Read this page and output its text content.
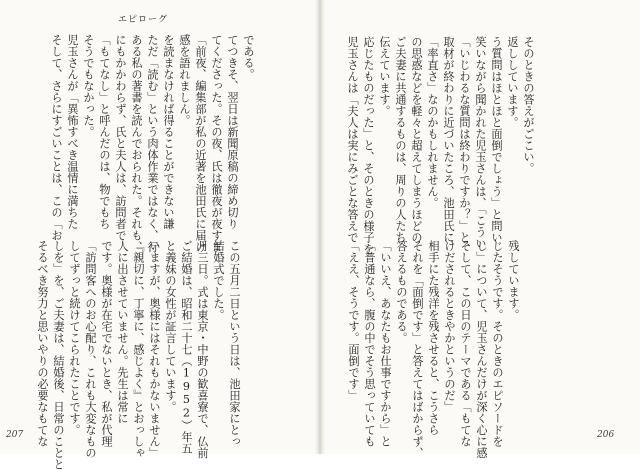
エピローグ
そのときの答えがごこい。
返ししています。
う質問はほとほと面倒でしょう」と問い
笑いながら聞かれた児玉さんは、「こうい
「いじわるな質問は終わりですか？」と、
取材が終わりに近づいたころ、池田氏に
「率直さ」なのかもしれません。
の思惑などを軽々と超えてしまうほどの
ご夫妻に共通するものは、周りの人たち
伝えています。
応じたものだった」と、そのときの様子を
児玉さんは「夫人は実にみごとな答えで
残しています。
じたそうです。そのときのエピソードを
し」について、児玉さんだけが深く心に感
そして、この日のテーマである「もてな
けだされるときやかというのだ」
相手にた残洋を残させると、こうさら
それを「面倒です」と答えてはばからず、
答えるものである。
「いいえ、あなたもお仕事ですから」と
「普通なら、腹の中でそう思っていても
「ええ、そうです。面倒です」
である。
てつきそ、翌日は新聞原稿の締め切り
てくださった。その夜、氏は徹夜が夜すま
「前夜、編集部が私の近著を池田氏に届け
感を語れましん。
を読まなければ得ることができない謙
ただ「読む」という肉体作業ではなく、行
ある私の著書を読んでおられた。それも、
にもかかわらず、氏と夫人は、訪問者で
「もてなし」と呼んだのは、物でもち
そうでもなかった。
児玉さんが「異怖すべき温情に満ちた
そして、さらにすごいことは、この「お
この五月二日という日は、池田家にとっ
結婚式でした。
月三日。式は東京・中野の歓喜寮で、仏前
ご結婚は、昭和二十七（1952）年五
と義妹の女性が証言しています。
いますが、奥様にはそれもかないません」
『親切に、丁寧に、感じよく』とおっしゃ
人に出させていません。先生は常に
です。奥様が在宅でないとき、私が代理
「訪問客へのお心配り、これも大変なもの
してずっと続けてこられたことです。
しを」を、ご夫妻は、結婚後、日常のことと
そるべき努力と思いやりの必要なもてな
207	206
